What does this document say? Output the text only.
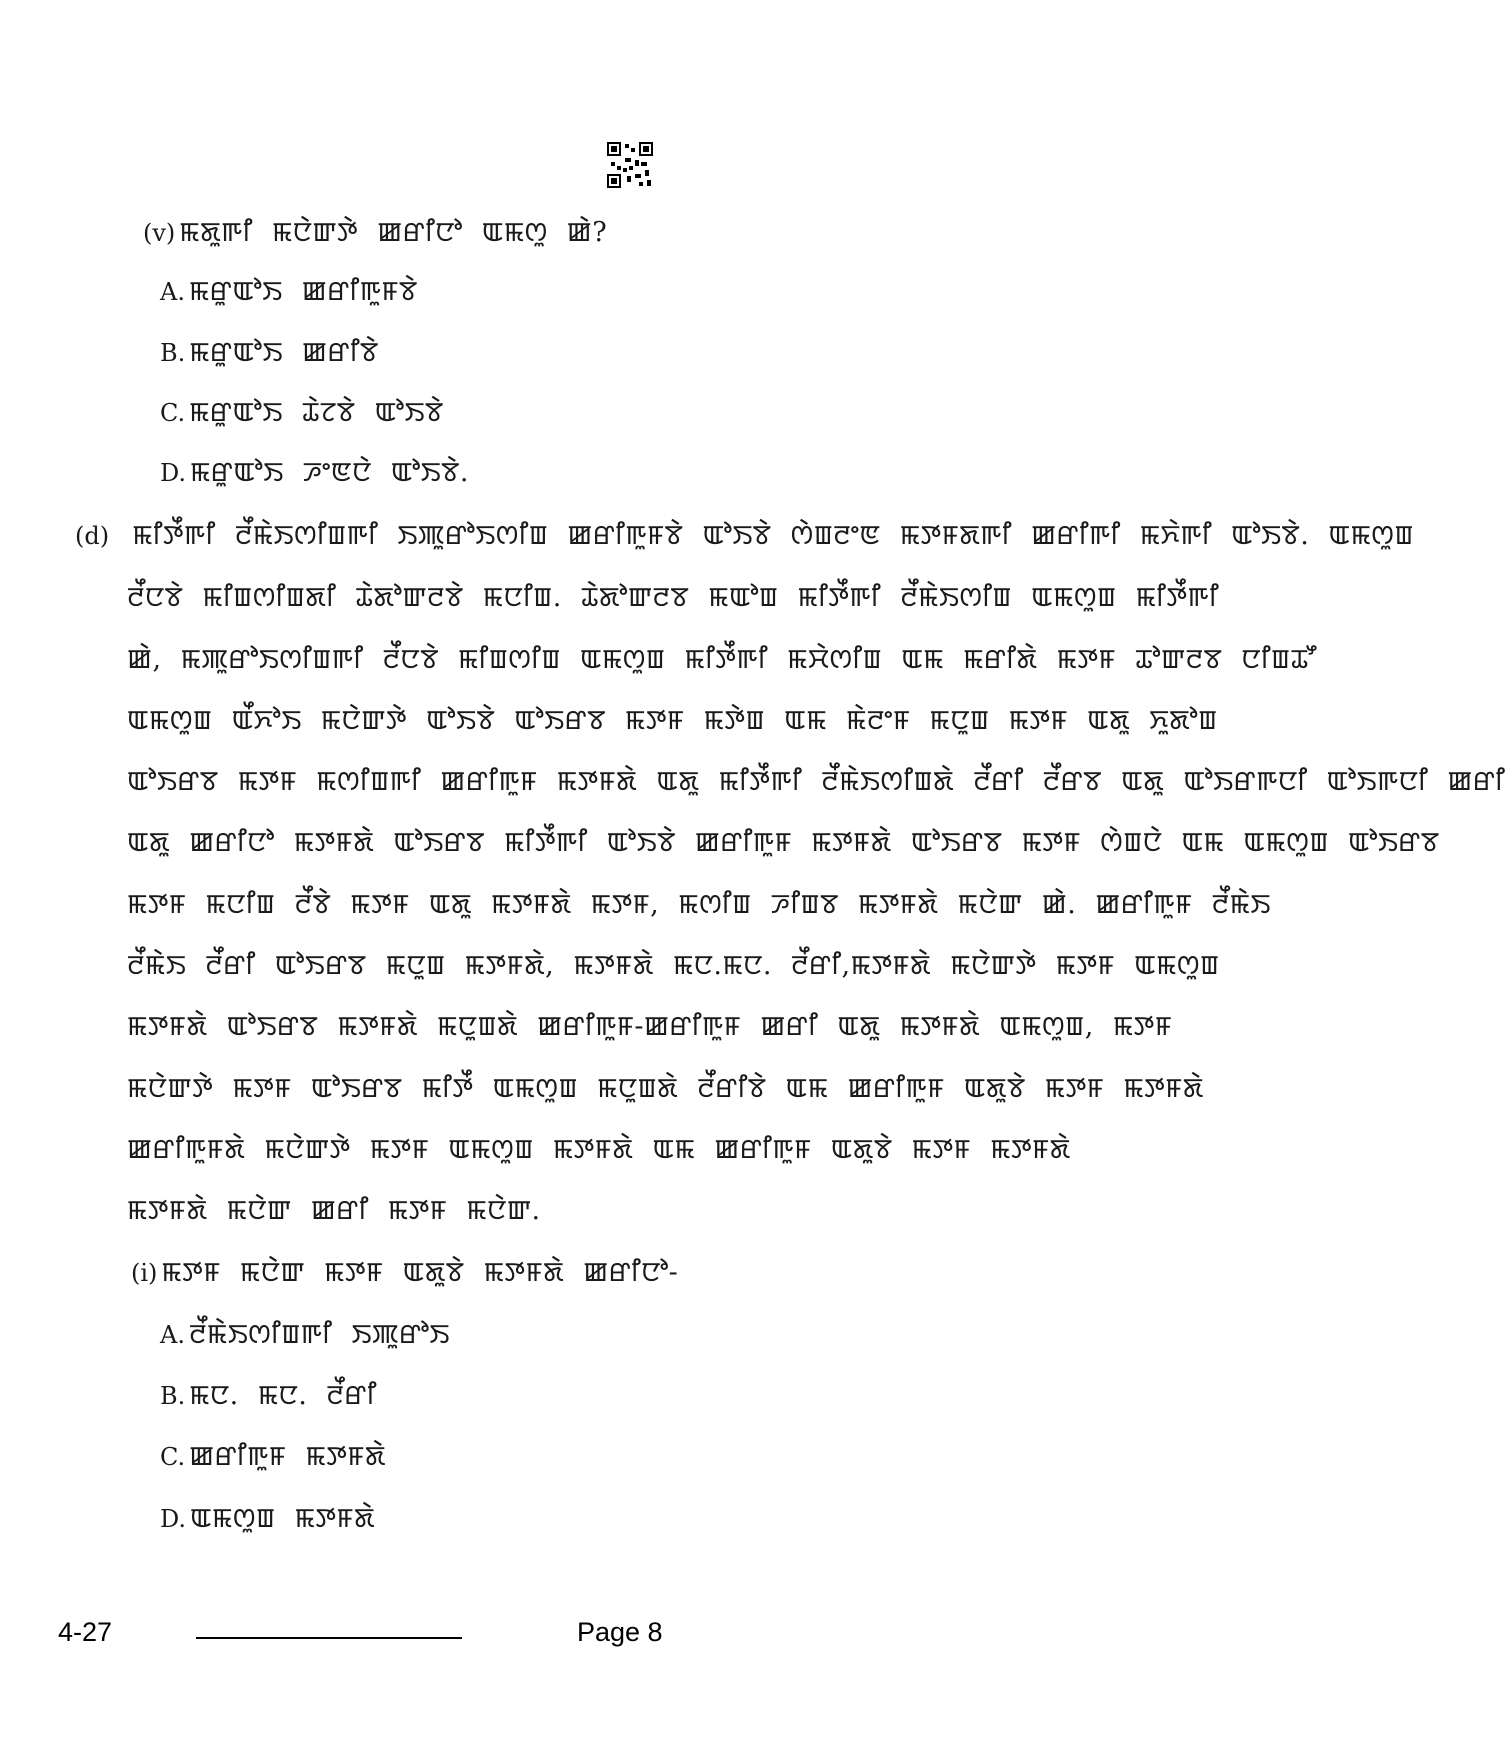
(v) ꯃꯗꯨꯒꯤ ꯃꯅꯥꯛꯇꯥ ꯀꯔꯤꯅꯣ ꯑꯃꯁꯨ ꯀꯥ?
A. ꯃꯔꯨꯑꯣꯏ ꯀꯔꯤꯒꯨꯝꯕꯥ
B. ꯃꯔꯨꯑꯣꯏ ꯀꯔꯤꯕꯥ
C. ꯃꯔꯨꯑꯣꯏ ꯊꯥꯖꯕꯥ ꯑꯣꯏꯕꯥ
D. ꯃꯔꯨꯑꯣꯏ ꯍꯦꯟꯅꯥ ꯑꯣꯏꯕꯥ.
(d) ꯃꯤꯇꯩꯒꯤ ꯂꯩꯃꯥꯏꯁꯤꯡꯒꯤ ꯏꯄꯨꯔꯣꯏꯁꯤꯡ ꯀꯔꯤꯒꯨꯝꯕꯥ ꯑꯣꯏꯕꯥ ꯁꯥꯡꯂꯦꯟ ꯃꯇꯝꯗꯒꯤ ꯀꯔꯤꯒꯤ ꯃꯈꯥꯒꯤ ꯑꯣꯏꯕꯥ. ꯑꯃꯁꯨꯡ
ꯂꯩꯅꯕꯥ ꯃꯤꯡꯁꯤꯡꯗꯤ ꯊꯥꯗꯣꯛꯂꯕꯥ ꯃꯅꯤꯡ. ꯊꯥꯗꯣꯛꯂꯕ ꯃꯑꯣꯡ ꯃꯤꯇꯩꯒꯤ ꯂꯩꯃꯥꯏꯁꯤꯡ ꯑꯃꯁꯨꯡ ꯃꯤꯇꯩꯒꯤ
ꯀꯥ, ꯃꯄꯨꯔꯣꯏꯁꯤꯡꯒꯤ ꯂꯩꯅꯕꯥ ꯃꯤꯡꯁꯤꯡ ꯑꯃꯁꯨꯡ ꯃꯤꯇꯩꯒꯤ ꯃꯆꯥꯁꯤꯡ ꯑꯃ ꯃꯔꯤꯗꯥ ꯃꯇꯝ ꯊꯣꯛꯂꯕ ꯅꯤꯡꯊꯧ
ꯑꯃꯁꯨꯡ ꯑꯩꯈꯣꯏ ꯃꯅꯥꯛꯇꯥ ꯑꯣꯏꯕꯥ ꯑꯣꯏꯔꯕ ꯃꯇꯝ ꯃꯇꯥꯡ ꯑꯃ ꯃꯥꯂꯦꯝ ꯃꯅꯨꯡ ꯃꯇꯝ ꯑꯗꯨ ꯈꯨꯗꯣꯡ
ꯑꯣꯏꯔꯕ ꯃꯇꯝ ꯃꯁꯤꯡꯒꯤ ꯀꯔꯤꯒꯨꯝ ꯃꯇꯝꯗꯥ ꯑꯗꯨ ꯃꯤꯇꯩꯒꯤ ꯂꯩꯃꯥꯏꯁꯤꯡꯗꯥ ꯂꯩꯔꯤ ꯂꯩꯔꯕ ꯑꯗꯨ ꯑꯣꯏꯔꯒꯅꯤ ꯑꯣꯏꯒꯅꯤ ꯀꯔꯤ
ꯑꯗꯨ ꯀꯔꯤꯅꯣ ꯃꯇꯝꯗꯥ ꯑꯣꯏꯔꯕ ꯃꯤꯇꯩꯒꯤ ꯑꯣꯏꯕꯥ ꯀꯔꯤꯒꯨꯝ ꯃꯇꯝꯗꯥ ꯑꯣꯏꯔꯕ ꯃꯇꯝ ꯁꯥꯡꯅꯥ ꯑꯃ ꯑꯃꯁꯨꯡ ꯑꯣꯏꯔꯕ
ꯃꯇꯝ ꯃꯅꯤꯡ ꯂꯩꯕꯥ ꯃꯇꯝ ꯑꯗꯨ ꯃꯇꯝꯗꯥ ꯃꯇꯝ, ꯃꯁꯤꯡ ꯍꯤꯡꯕ ꯃꯇꯝꯗꯥ ꯃꯅꯥꯛ ꯀꯥ. ꯀꯔꯤꯒꯨꯝ ꯂꯩꯃꯥꯏ
ꯂꯩꯃꯥꯏ ꯂꯩꯔꯤ ꯑꯣꯏꯔꯕ ꯃꯅꯨꯡ ꯃꯇꯝꯗꯥ, ꯃꯇꯝꯗꯥ ꯃꯅ.ꯃꯅ. ꯂꯩꯔꯤ,ꯃꯇꯝꯗꯥ ꯃꯅꯥꯛꯇꯥ ꯃꯇꯝ ꯑꯃꯁꯨꯡ
ꯃꯇꯝꯗꯥ ꯑꯣꯏꯔꯕ ꯃꯇꯝꯗꯥ ꯃꯅꯨꯡꯗꯥ ꯀꯔꯤꯒꯨꯝ-ꯀꯔꯤꯒꯨꯝ ꯀꯔꯤ ꯑꯗꯨ ꯃꯇꯝꯗꯥ ꯑꯃꯁꯨꯡ, ꯃꯇꯝ
ꯃꯅꯥꯛꯇꯥ ꯃꯇꯝ ꯑꯣꯏꯔꯕ ꯃꯤꯇꯩ ꯑꯃꯁꯨꯡ ꯃꯅꯨꯡꯗꯥ ꯂꯩꯔꯤꯕꯥ ꯑꯃ ꯀꯔꯤꯒꯨꯝ ꯑꯗꯨꯕꯥ ꯃꯇꯝ ꯃꯇꯝꯗꯥ
ꯀꯔꯤꯒꯨꯝꯗꯥ ꯃꯅꯥꯛꯇꯥ ꯃꯇꯝ ꯑꯃꯁꯨꯡ ꯃꯇꯝꯗꯥ ꯑꯃ ꯀꯔꯤꯒꯨꯝ ꯑꯗꯨꯕꯥ ꯃꯇꯝ ꯃꯇꯝꯗꯥ
ꯃꯇꯝꯗꯥ ꯃꯅꯥꯛ ꯀꯔꯤ ꯃꯇꯝ ꯃꯅꯥꯛ.
(i) ꯃꯇꯝ ꯃꯅꯥꯛ ꯃꯇꯝ ꯑꯗꯨꯕꯥ ꯃꯇꯝꯗꯥ ꯀꯔꯤꯅꯣ-
A. ꯂꯩꯃꯥꯏꯁꯤꯡꯒꯤ ꯏꯄꯨꯔꯣꯏ
B. ꯃꯅ. ꯃꯅ. ꯂꯩꯔꯤ
C. ꯀꯔꯤꯒꯨꯝ ꯃꯇꯝꯗꯥ
D. ꯑꯃꯁꯨꯡ ꯃꯇꯝꯗꯥ
4-27	Page 8
